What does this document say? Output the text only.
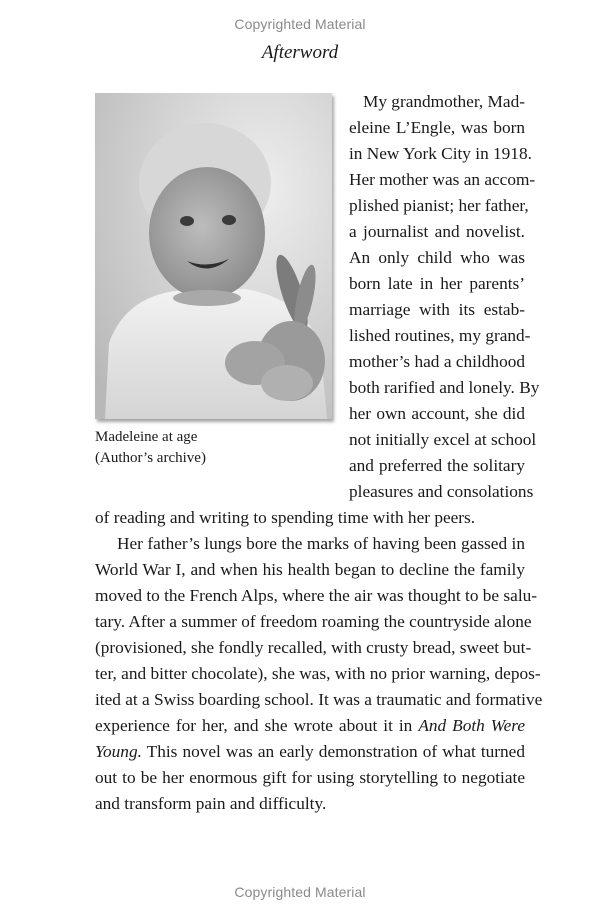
Copyrighted Material
Afterword
Madeleine at age
(Author’s archive)
My grandmother, Mad-
eleine L’Engle, was born
in New York City in 1918.
Her mother was an accom-
plished pianist; her father,
a journalist and novelist.
An only child who was
born late in her parents’
marriage with its estab-
lished routines, my grand-
mother’s had a childhood
both rarified and lonely. By
her own account, she did
not initially excel at school
and preferred the solitary
pleasures and consolations
of reading and writing to spending time with her peers.
Her father’s lungs bore the marks of having been gassed in
World War I, and when his health began to decline the family
moved to the French Alps, where the air was thought to be salu-
tary. After a summer of freedom roaming the countryside alone
(provisioned, she fondly recalled, with crusty bread, sweet but-
ter, and bitter chocolate), she was, with no prior warning, depos-
ited at a Swiss boarding school. It was a traumatic and formative
experience for her, and she wrote about it in And Both Were
Young. This novel was an early demonstration of what turned
out to be her enormous gift for using storytelling to negotiate
and transform pain and difficulty.
Copyrighted Material
